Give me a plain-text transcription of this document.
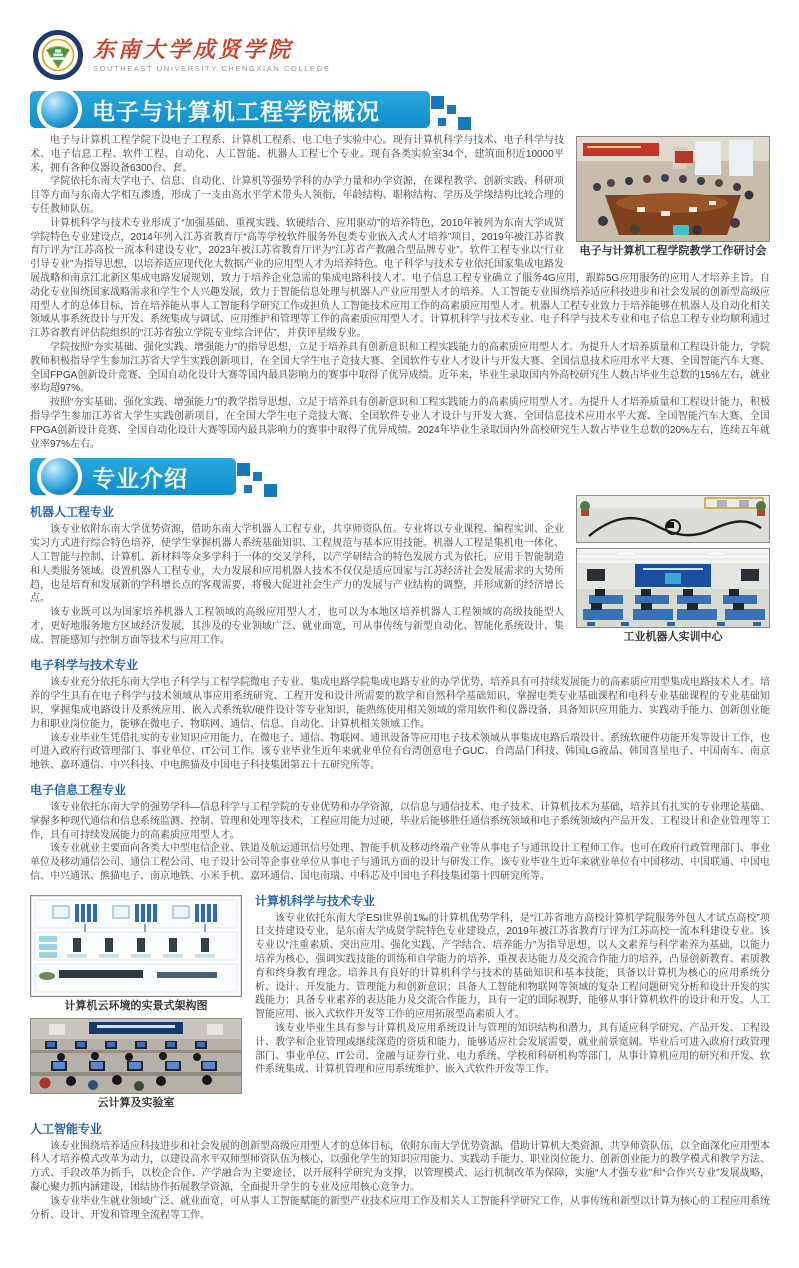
东南大学成贤学院
SOUTHEAST UNIVERSITY CHENGXIAN COLLEGE
电子与计算机工程学院概况
电子与计算机工程学院教学工作研讨会

电子与计算机工程学院下设电子工程系、计算机工程系、电工电子实验中心。现有计算机科学与技术、电子科学与技术、电子信息工程、软件工程、自动化、人工智能、机器人工程七个专业。现有各类实验室34个，建筑面积近10000平米，拥有各种仪器设备6300台、套。

学院依托东南大学电子、信息、自动化、计算机等强势学科的办学力量和办学资源，在课程教学、创新实践、科研项目等方面与东南大学相互渗透，形成了一支由高水平学术带头人领衔，年龄结构、职称结构、学历及学缘结构比较合理的专任教师队伍。

计算机科学与技术专业形成了“加强基础、重视实践、软硬结合、应用驱动”的培养特色，2010年被列为东南大学成贤学院特色专业建设点，2014年列入江苏省教育厅“高等学校软件服务外包类专业嵌入式人才培养”项目，2019年被江苏省教育厅评为“江苏高校一流本科建设专业”，2023年被江苏省教育厅评为“江苏省产教融合型品牌专业”。软件工程专业以“行业引导专业”为指导思想，以培养适应现代化大数据产业的应用型人才为培养特色。电子科学与技术专业依托国家集成电路发展战略和南京江北新区集成电路发展规划，致力于培养企业急需的集成电路科技人才。电子信息工程专业确立了服务4G应用，跟踪5G应用服务的应用人才培养主旨。自动化专业围绕国家战略需求和学生个人兴趣发展，致力于智能信息处理与机器人产业应用型人才的培养。人工智能专业围绕培养适应科技进步和社会发展的创新型高级应用型人才的总体目标，旨在培养能从事人工智能科学研究工作或担负人工智能技术应用工作的高素质应用型人才。机器人工程专业致力于培养能够在机器人及自动化相关领域从事系统设计与开发、系统集成与调试、应用维护和管理等工作的高素质应用型人才。计算机科学与技术专业、电子科学与技术专业和电子信息工程专业均顺利通过江苏省教育评估院组织的“江苏省独立学院专业综合评估”，并获评星级专业。

学院按照“夯实基础、强化实践、增强能力”的指导思想，立足于培养具有创新意识和工程实践能力的高素质应用型人才。为提升人才培养质量和工程设计能力，学院教师积极指导学生参加江苏省大学生实践创新项目，在全国大学生电子竞技大赛、全国软件专业人才设计与开发大赛、全国信息技术应用水平大赛、全国智能汽车大赛、全国FPGA创新设计竞赛、全国自动化设计大赛等国内最具影响力的赛事中取得了优异成绩。近年来，毕业生录取国内外高校研究生人数占毕业生总数的15%左右，就业率均超97%。

按照“夯实基础、强化实践、增强能力”的教学指导思想，立足于培养具有创新意识和工程实践能力的高素质应用型人才。为提升人才培养质量和工程设计能力，积极指导学生参加江苏省大学生实践创新项目，在全国大学生电子竞技大赛、全国软件专业人才设计与开发大赛、全国信息技术应用水平大赛、全国智能汽车大赛、全国FPGA创新设计竞赛、全国自动化设计大赛等国内最具影响力的赛事中取得了优异成绩。2024年毕业生录取国内外高校研究生人数占毕业生总数的20%左右，连续五年就业率97%左右。

专业介绍
工业机器人实训中心
机器人工程专业

该专业依附东南大学优势资源，借助东南大学机器人工程专业，共享师资队伍。专业将以专业课程、编程实训、企业实习方式进行综合特色培养，使学生掌握机器人系统基础知识、工程规范与基本应用技能。机器人工程是集机电一体化、人工智能与控制、计算机、新材料等众多学科于一体的交叉学科，以产学研结合的特色发展方式为依托，应用于智能制造和人类服务领域。设置机器人工程专业，大力发展和应用机器人技术不仅仅是适应国家与江苏经济社会发展需求的大势所趋，也是培育和发展新的学科增长点的客观需要，将极大促进社会生产力的发展与产业结构的调整，并形成新的经济增长点。

该专业既可以为国家培养机器人工程领域的高级应用型人才，也可以为本地区培养机器人工程领域的高级技能型人才，更好地服务地方区域经济发展，其涉及的专业领域广泛、就业面宽，可从事传统与新型自动化、智能化系统设计、集成、智能感知与控制方面等技术与应用工作。

电子科学与技术专业

该专业充分依托东南大学电子科学与工程学院微电子专业、集成电路学院集成电路专业的办学优势，培养具有可持续发展能力的高素质应用型集成电路技术人才。培养的学生具有在电子科学与技术领域从事应用系统研究、工程开发和设计所需要的数学和自然科学基础知识，掌握电类专业基础课程和电科专业基础课程的专业基础知识，掌握集成电路设计及系统应用、嵌入式系统软/硬件设计等专业知识，能熟练使用相关领域的常用软件和仪器设备，具备知识应用能力、实践动手能力、创新创业能力和职业岗位能力，能够在微电子、物联网、通信、信息、自动化、计算机相关领域工作。

该专业毕业生凭借扎实的专业知识应用能力，在微电子、通信、物联网、通讯设备等应用电子技术领域从事集成电路后端设计、系统软硬件功能开发等设计工作，也可进入政府行政管理部门、事业单位、IT公司工作。该专业毕业生近年来就业单位有台湾创意电子GUC、台湾晶门科技、韩国LG液晶、韩国喜星电子、中国南车、南京地铁、嘉环通信、中兴科技、中电熊猫及中国电子科技集团第五十五研究所等。

电子信息工程专业

该专业依托东南大学的强势学科—信息科学与工程学院的专业优势和办学资源，以信息与通信技术、电子技术、计算机技术为基础，培养具有扎实的专业理论基础、掌握多种现代通信和信息系统监测、控制、管理和处理等技术，工程应用能力过硬，毕业后能够胜任通信系统领域和电子系统领域内产品开发、工程设计和企业管理等工作，具有可持续发展能力的高素质应用型人才。

该专业就业主要面向各类大中型电信企业、铁道及航运通讯信号处理、智能手机及移动终端产业等从事电子与通讯设计工程师工作。也可在政府行政管理部门、事业单位及移动通信公司、通信工程公司、电子设计公司等企事业单位从事电子与通讯方面的设计与研发工作。该专业毕业生近年来就业单位有中国移动、中国联通、中国电信、中兴通讯、熊猫电子、南京地铁、小米手机、嘉环通信、国电南瑞、中科芯及中国电子科技集团第十四研究所等。

计算机云环境的实景式架构图
云计算及实验室
计算机科学与技术专业

该专业依托东南大学ESI世界前1‰的计算机优势学科，是“江苏省地方高校计算机学院服务外包人才试点高校”项目支持建设专业，是东南大学成贤学院特色专业建设点，2019年被江苏省教育厅评为江苏高校一流本科建设专业。该专业以“注重素质、突出应用、强化实践、产学结合、培养能力”为指导思想，以人文素养与科学素养为基础，以能力培养为核心，强调实践技能的训练和自学能力的培养，重视表达能力及交流合作能力的培养，凸显创新教育、素质教育和终身教育理念。培养具有良好的计算机科学与技术的基础知识和基本技能，具备以计算机为核心的应用系统分析、设计、开发能力、管理能力和创新意识；具备人工智能和物联网等领域的复杂工程问题研究分析和设计开发的实践能力；具备专业素养的表达能力及交流合作能力，具有一定的国际视野，能够从事计算机软件的设计和开发、人工智能应用、嵌入式软件开发等工作的应用拓展型高素质人才。

该专业毕业生具有参与计算机及应用系统设计与管理的知识结构和潜力，具有适应科学研究、产品开发、工程设计、教学和企业管理或继续深造的资质和能力，能够适应社会发展需要，就业前景宽阔。毕业后可进入政府行政管理部门、事业单位、IT公司、金融与证券行业、电力系统、学校和科研机构等部门，从事计算机应用的研究和开发、软件系统集成、计算机管理和应用系统维护、嵌入式软件开发等工作。

人工智能专业

该专业围绕培养适应科技进步和社会发展的创新型高级应用型人才的总体目标，依附东南大学优势资源，借助计算机大类资源，共享师资队伍，以全面深化应用型本科人才培养模式改革为动力，以建设高水平双师型师资队伍为核心，以强化学生的知识应用能力、实践动手能力、职业岗位能力、创新创业能力的教学模式和教学方法、方式、手段改革为抓手，以校企合作、产学融合为主要途径，以开展科学研究为支撑，以管理模式、运行机制改革为保障，实施“人才强专业”和“合作兴专业”发展战略，凝心聚力抓内涵建设，团结协作拓展教学资源，全面提升学生的专业及应用核心竞争力。

该专业毕业生就业领域广泛、就业面宽，可从事人工智能赋能的新型产业技术应用工作及相关人工智能科学研究工作，从事传统和新型以计算为核心的工程应用系统分析、设计、开发和管理全流程等工作。
